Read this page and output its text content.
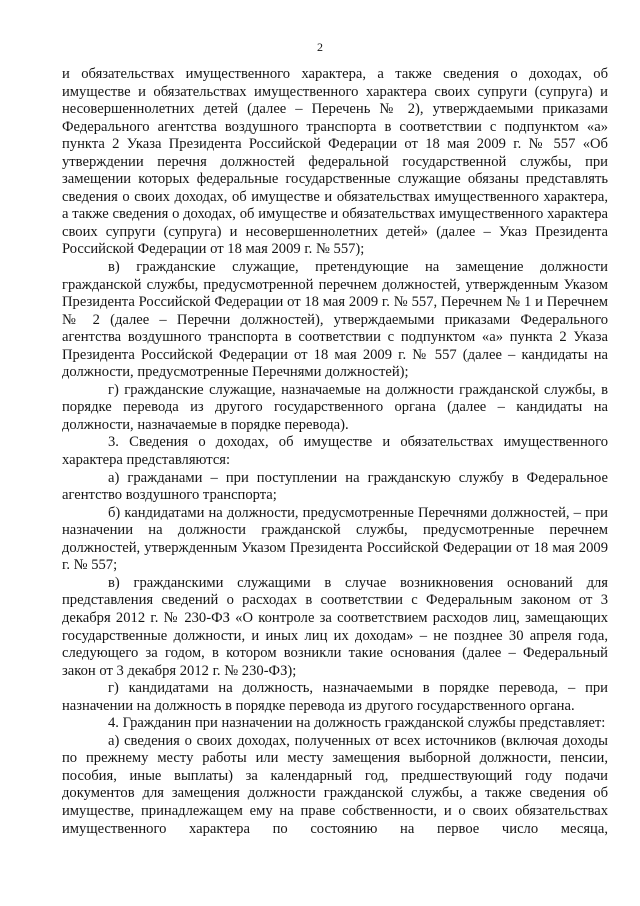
2

и обязательствах имущественного характера, а также сведения о доходах, об имуществе и обязательствах имущественного характера своих супруги (супруга) и несовершеннолетних детей (далее – Перечень № 2), утверждаемыми приказами Федерального агентства воздушного транспорта в соответствии с подпунктом «а» пункта 2 Указа Президента Российской Федерации от 18 мая 2009 г. № 557 «Об утверждении перечня должностей федеральной государственной службы, при замещении которых федеральные государственные служащие обязаны представлять сведения о своих доходах, об имуществе и обязательствах имущественного характера, а также сведения о доходах, об имуществе и обязательствах имущественного характера своих супруги (супруга) и несовершеннолетних детей» (далее – Указ Президента Российской Федерации от 18 мая 2009 г. № 557);

в) гражданские служащие, претендующие на замещение должности гражданской службы, предусмотренной перечнем должностей, утвержденным Указом Президента Российской Федерации от 18 мая 2009 г. № 557, Перечнем № 1 и Перечнем № 2 (далее – Перечни должностей), утверждаемыми приказами Федерального агентства воздушного транспорта в соответствии с подпунктом «а» пункта 2 Указа Президента Российской Федерации от 18 мая 2009 г. № 557 (далее – кандидаты на должности, предусмотренные Перечнями должностей);

г) гражданские служащие, назначаемые на должности гражданской службы, в порядке перевода из другого государственного органа (далее – кандидаты на должности, назначаемые в порядке перевода).

3. Сведения о доходах, об имуществе и обязательствах имущественного характера представляются:

а) гражданами – при поступлении на гражданскую службу в Федеральное агентство воздушного транспорта;

б) кандидатами на должности, предусмотренные Перечнями должностей, – при назначении на должности гражданской службы, предусмотренные перечнем должностей, утвержденным Указом Президента Российской Федерации от 18 мая 2009 г. № 557;

в) гражданскими служащими в случае возникновения оснований для представления сведений о расходах в соответствии с Федеральным законом от 3 декабря 2012 г. № 230-ФЗ «О контроле за соответствием расходов лиц, замещающих государственные должности, и иных лиц их доходам» – не позднее 30 апреля года, следующего за годом, в котором возникли такие основания (далее – Федеральный закон от 3 декабря 2012 г. № 230-ФЗ);

г) кандидатами на должность, назначаемыми в порядке перевода, – при назначении на должность в порядке перевода из другого государственного органа.

4. Гражданин при назначении на должность гражданской службы представляет:

а) сведения о своих доходах, полученных от всех источников (включая доходы по прежнему месту работы или месту замещения выборной должности, пенсии, пособия, иные выплаты) за календарный год, предшествующий году подачи документов для замещения должности гражданской службы, а также сведения об имуществе, принадлежащем ему на праве собственности, и о своих обязательствах имущественного характера по состоянию на первое число месяца,
